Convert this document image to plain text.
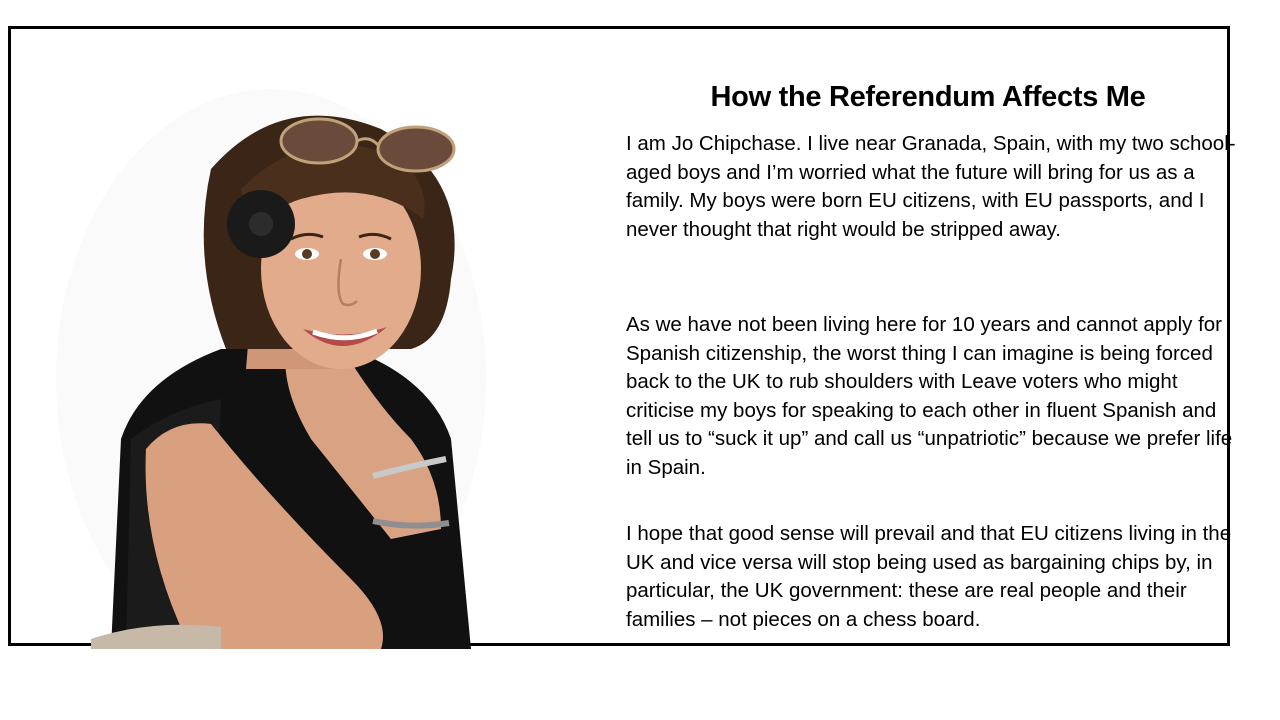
How the Referendum Affects Me

I am Jo Chipchase. I live near Granada, Spain, with my two school-aged boys and I’m worried what the future will bring for us as a family. My boys were born EU citizens, with EU passports, and I never thought that right would be stripped away.

As we have not been living here for 10 years and cannot apply for Spanish citizenship, the worst thing I can imagine is being forced back to the UK to rub shoulders with Leave voters who might criticise my boys for speaking to each other in fluent Spanish and tell us to “suck it up” and call us “unpatriotic” because we prefer life in Spain.

I hope that good sense will prevail and that EU citizens living in the UK and vice versa will stop being used as bargaining chips by, in particular, the UK government: these are real people and their families – not pieces on a chess board.
